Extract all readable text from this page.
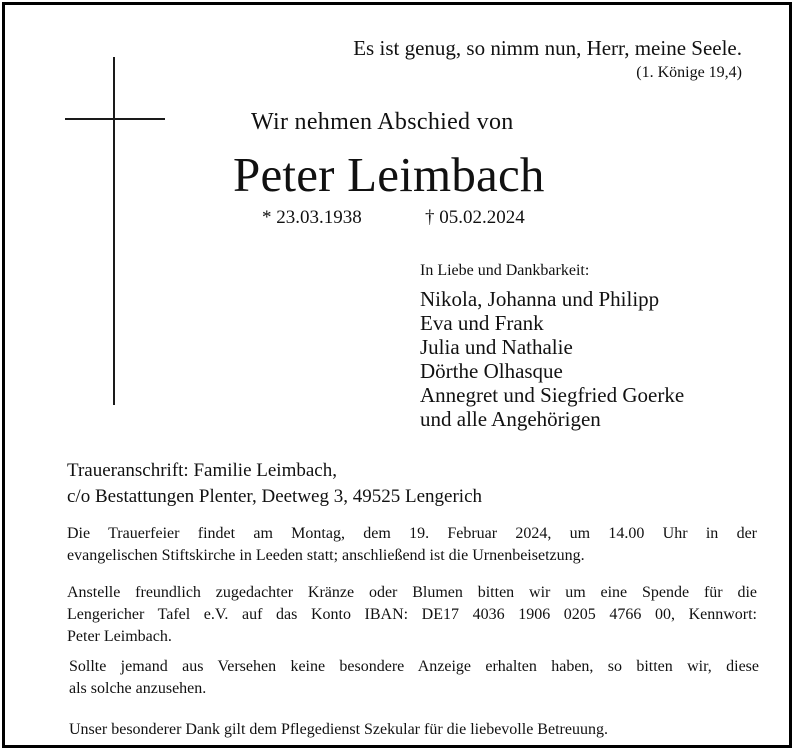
Es ist genug, so nimm nun, Herr, meine Seele.
(1. Könige 19,4)
Wir nehmen Abschied von
Peter Leimbach
* 23.03.1938	† 05.02.2024
In Liebe und Dankbarkeit:
Nikola, Johanna und Philipp
Eva und Frank
Julia und Nathalie
Dörthe Olhasque
Annegret und Siegfried Goerke
und alle Angehörigen
Traueranschrift: Familie Leimbach,
c/o Bestattungen Plenter, Deetweg 3, 49525 Lengerich
Die Trauerfeier findet am Montag, dem 19. Februar 2024, um 14.00 Uhr in der
evangelischen Stiftskirche in Leeden statt; anschließend ist die Urnenbeisetzung.
Anstelle freundlich zugedachter Kränze oder Blumen bitten wir um eine Spende für die
Lengericher Tafel e.V. auf das Konto IBAN: DE17 4036 1906 0205 4766 00, Kennwort:
Peter Leimbach.
Sollte jemand aus Versehen keine besondere Anzeige erhalten haben, so bitten wir, diese
als solche anzusehen.
Unser besonderer Dank gilt dem Pflegedienst Szekular für die liebevolle Betreuung.
